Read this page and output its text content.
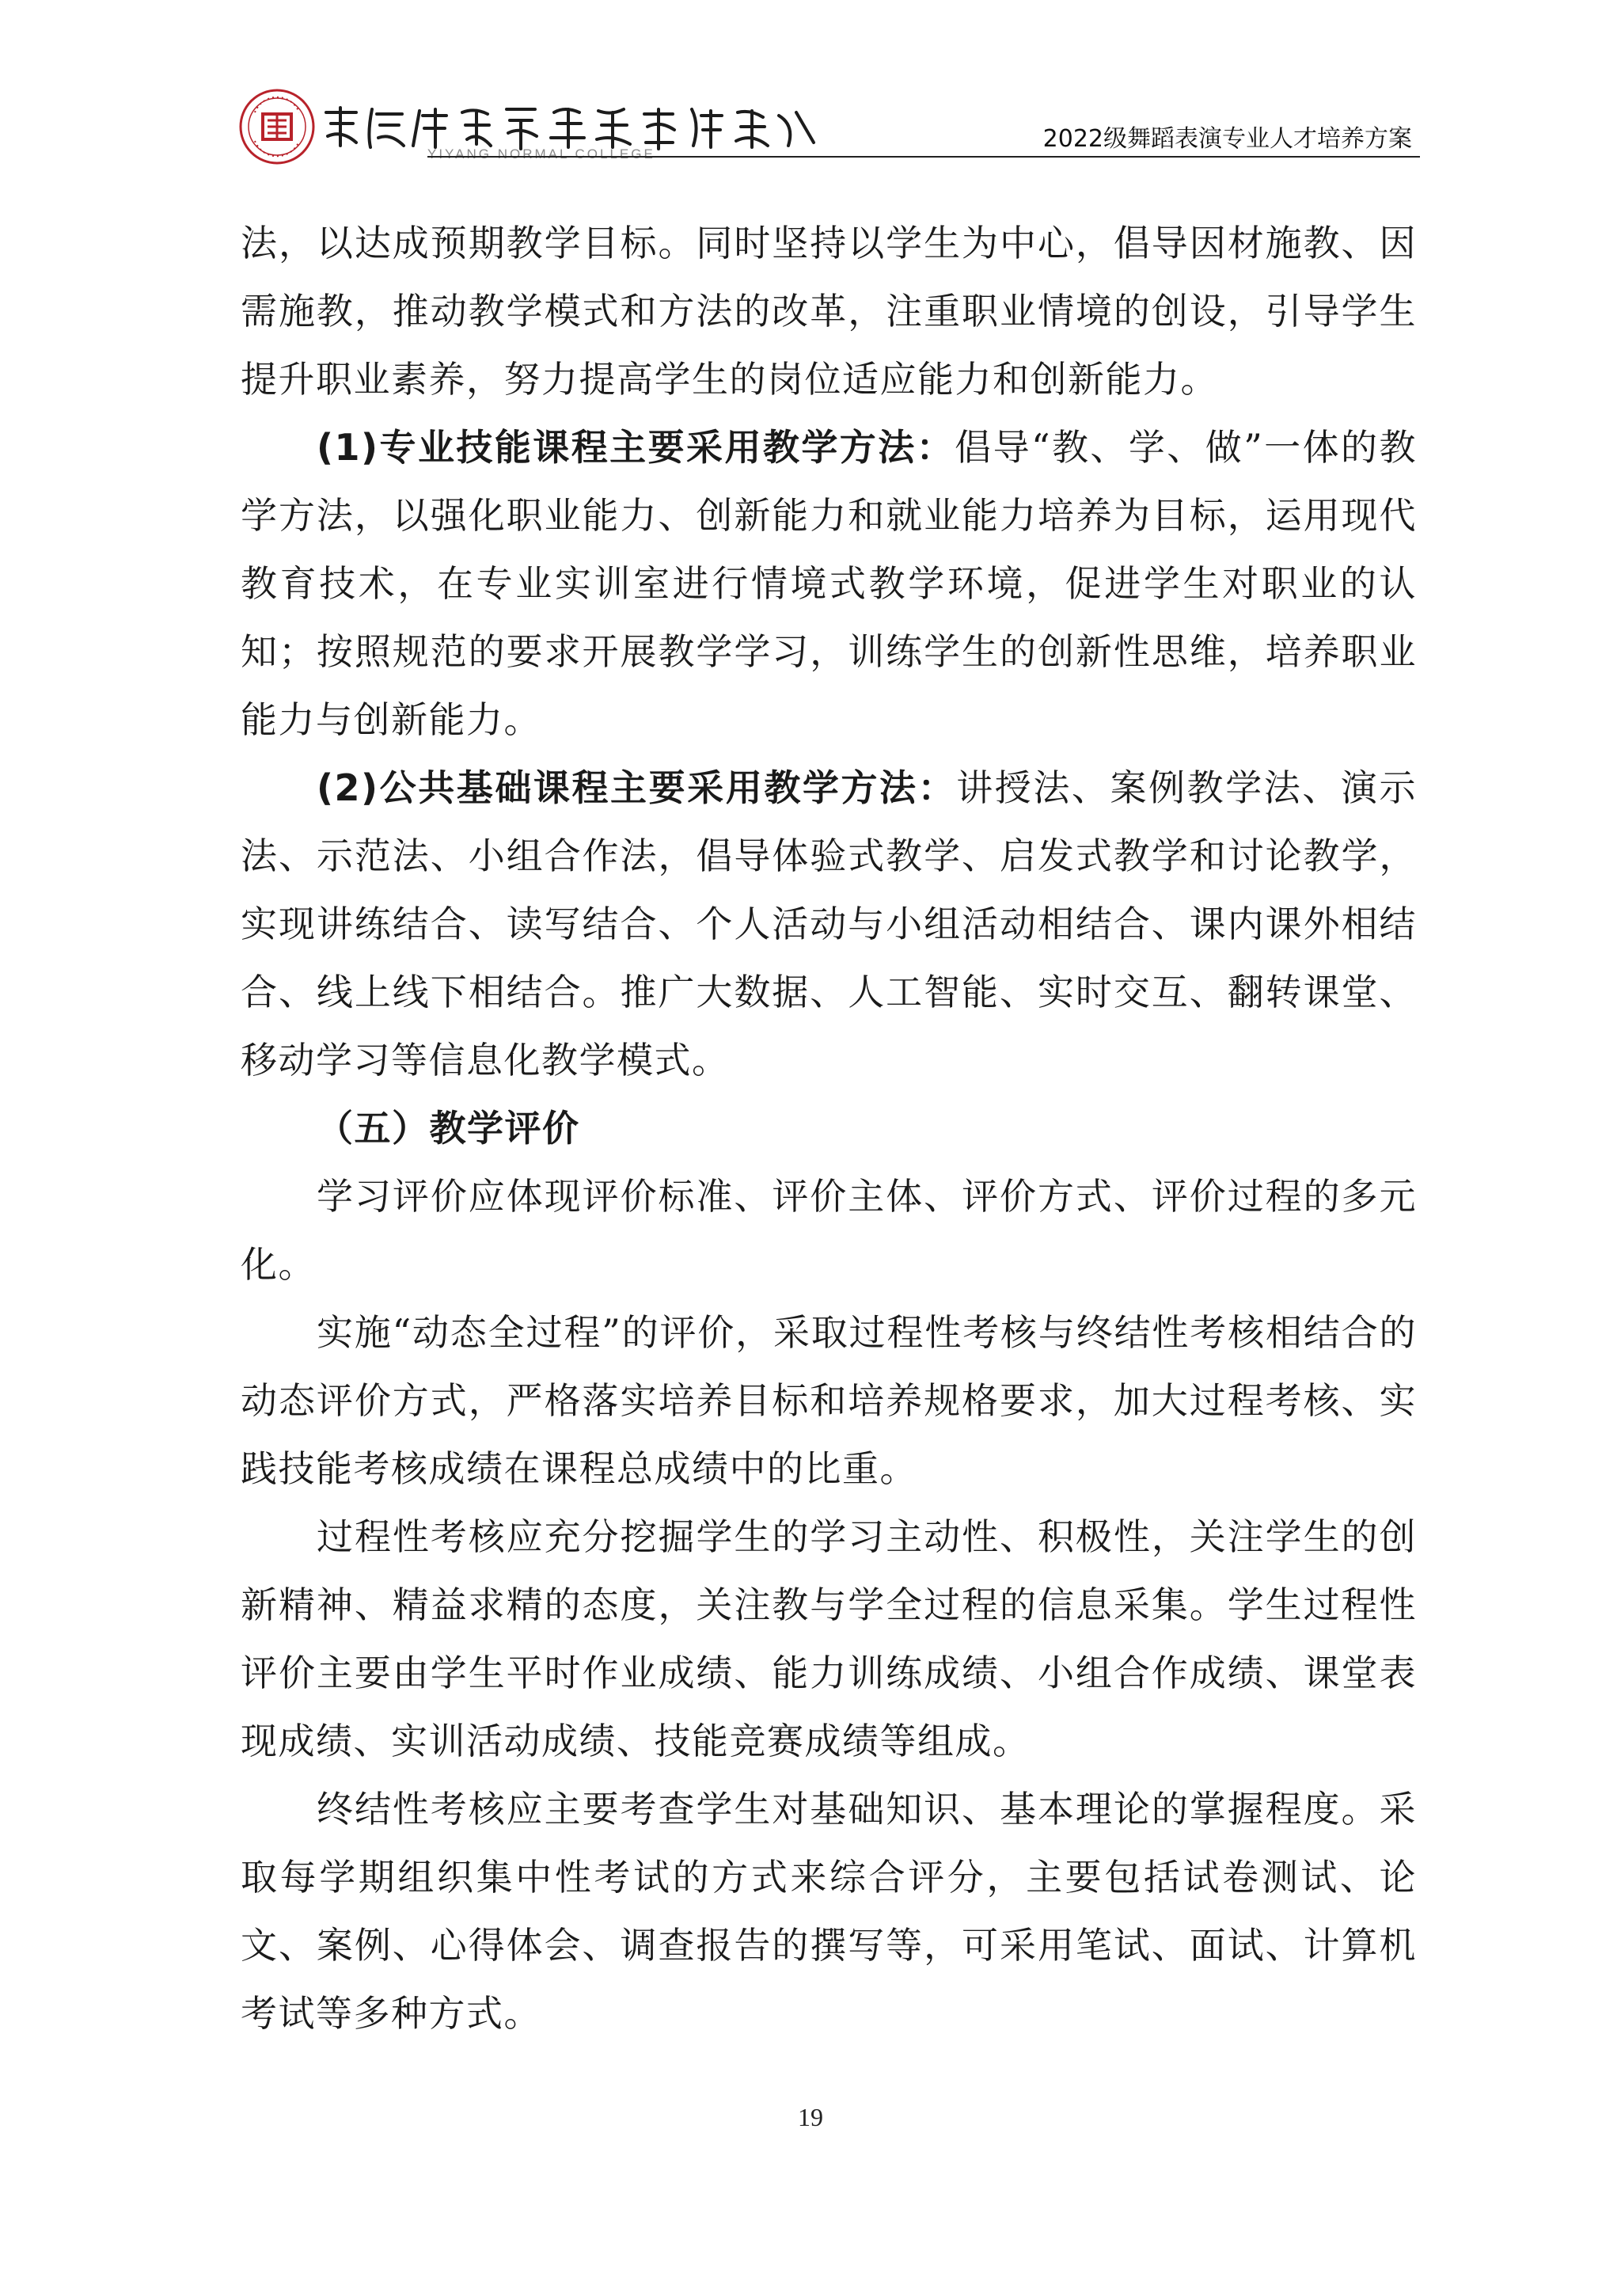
YIYANG NORMAL COLLEGE
2022级舞蹈表演专业人才培养方案

法，以达成预期教学目标。同时坚持以学生为中心，倡导因材施教、因需施教，推动教学模式和方法的改革，注重职业情境的创设，引导学生提升职业素养，努力提高学生的岗位适应能力和创新能力。

(1)专业技能课程主要采用教学方法：倡导“教、学、做”一体的教学方法，以强化职业能力、创新能力和就业能力培养为目标，运用现代教育技术，在专业实训室进行情境式教学环境，促进学生对职业的认知；按照规范的要求开展教学学习，训练学生的创新性思维，培养职业能力与创新能力。

(2)公共基础课程主要采用教学方法：讲授法、案例教学法、演示法、示范法、小组合作法，倡导体验式教学、启发式教学和讨论教学，实现讲练结合、读写结合、个人活动与小组活动相结合、课内课外相结合、线上线下相结合。推广大数据、人工智能、实时交互、翻转课堂、移动学习等信息化教学模式。

（五）教学评价

学习评价应体现评价标准、评价主体、评价方式、评价过程的多元化。

实施“动态全过程”的评价，采取过程性考核与终结性考核相结合的动态评价方式，严格落实培养目标和培养规格要求，加大过程考核、实践技能考核成绩在课程总成绩中的比重。

过程性考核应充分挖掘学生的学习主动性、积极性，关注学生的创新精神、精益求精的态度，关注教与学全过程的信息采集。学生过程性评价主要由学生平时作业成绩、能力训练成绩、小组合作成绩、课堂表现成绩、实训活动成绩、技能竞赛成绩等组成。

终结性考核应主要考查学生对基础知识、基本理论的掌握程度。采取每学期组织集中性考试的方式来综合评分，主要包括试卷测试、论文、案例、心得体会、调查报告的撰写等，可采用笔试、面试、计算机考试等多种方式。

19
